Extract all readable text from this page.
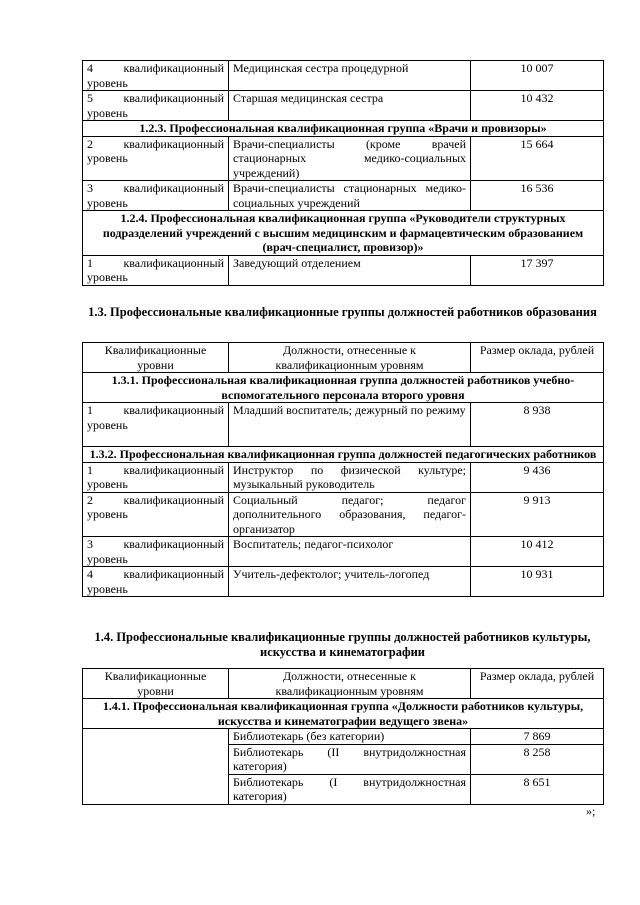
4 квалификационный уровень	Медицинская сестра процедурной	10 007
5 квалификационный уровень	Старшая медицинская сестра	10 432
1.2.3. Профессиональная квалификационная группа «Врачи и провизоры»		
2 квалификационный уровень	Врачи-специалисты (кроме врачей стационарных медико-социальных учреждений)	15 664
3 квалификационный уровень	Врачи-специалисты стационарных медико-социальных учреждений	16 536
1.2.4. Профессиональная квалификационная группа «Руководители структурных подразделений учреждений с высшим медицинским и фармацевтическим образованием (врач-специалист, провизор)»		
1 квалификационный уровень	Заведующий отделением	17 397
1.3. Профессиональные квалификационные группы должностей работников образования
Квалификационные уровни	Должности, отнесенные к квалификационным уровням	Размер оклада, рублей
1.3.1. Профессиональная квалификационная группа должностей работников учебно-вспомогательного персонала второго уровня		
1 квалификационный уровень	Младший воспитатель; дежурный по режиму	8 938
1.3.2. Профессиональная квалификационная группа должностей педагогических работников		
1 квалификационный уровень	Инструктор по физической культуре; музыкальный руководитель	9 436
2 квалификационный уровень	Социальный педагог; педагог дополнительного образования, педагог-организатор	9 913
3 квалификационный уровень	Воспитатель; педагог-психолог	10 412
4 квалификационный уровень	Учитель-дефектолог; учитель-логопед	10 931
1.4. Профессиональные квалификационные группы должностей работников культуры, искусства и кинематографии
Квалификационные уровни	Должности, отнесенные к квалификационным уровням	Размер оклада, рублей
1.4.1. Профессиональная квалификационная группа «Должности работников культуры, искусства и кинематографии ведущего звена»		
	Библиотекарь (без категории)	7 869
	Библиотекарь (II внутридолжностная категория)	8 258
	Библиотекарь (I внутридолжностная категория)	8 651
»;
